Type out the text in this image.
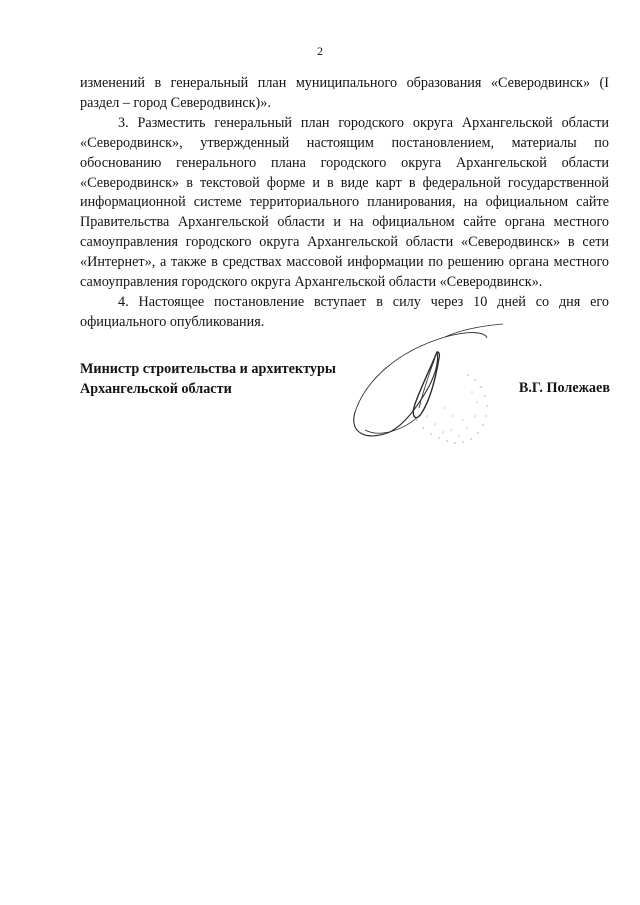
2

изменений в генеральный план муниципального образования «Северодвинск» (I раздел – город Северодвинск)».

3. Разместить генеральный план городского округа Архангельской области «Северодвинск», утвержденный настоящим постановлением, материалы по обоснованию генерального плана городского округа Архангельской области «Северодвинск» в текстовой форме и в виде карт в федеральной государственной информационной системе территориального планирования, на официальном сайте Правительства Архангельской области и на официальном сайте органа местного самоуправления городского округа Архангельской области «Северодвинск» в сети «Интернет», а также в средствах массовой информации по решению органа местного самоуправления городского округа Архангельской области «Северодвинск».

4. Настоящее постановление вступает в силу через 10 дней со дня его официального опубликования.

Министр строительства и архитектуры
Архангельской области	В.Г. Полежаев
